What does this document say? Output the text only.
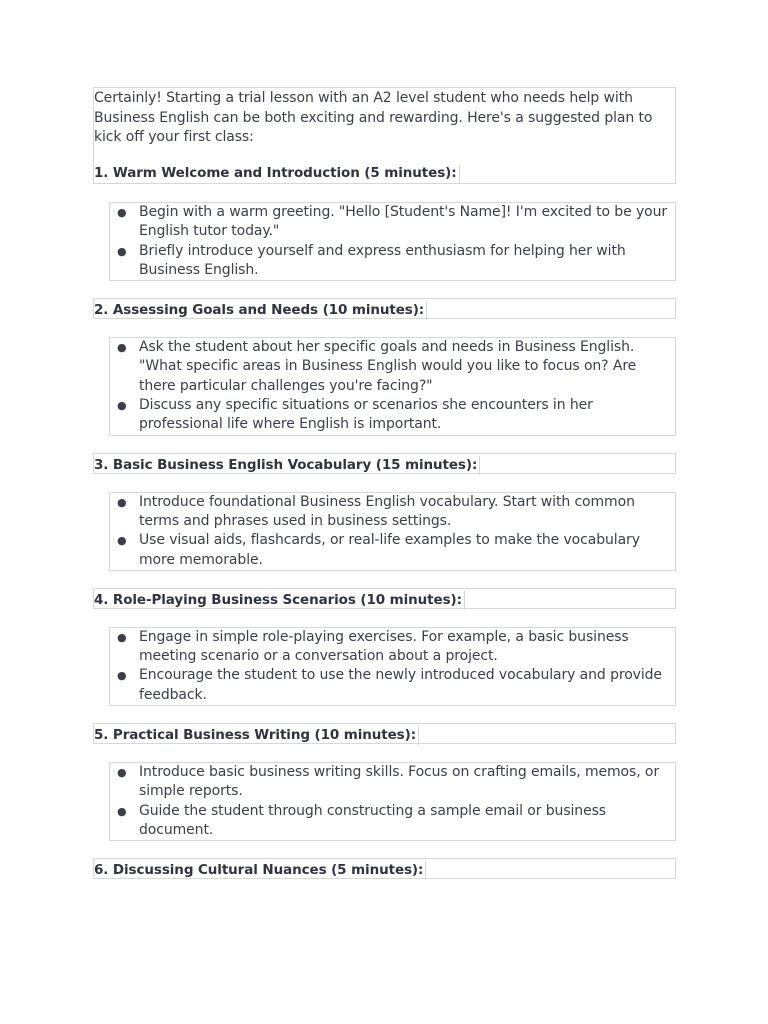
Certainly! Starting a trial lesson with an A2 level student who needs help with Business English can be both exciting and rewarding. Here's a suggested plan to kick off your first class:

1. Warm Welcome and Introduction (5 minutes):
● Begin with a warm greeting. "Hello [Student's Name]! I'm excited to be your English tutor today."
● Briefly introduce yourself and express enthusiasm for helping her with Business English.
2. Assessing Goals and Needs (10 minutes):
● Ask the student about her specific goals and needs in Business English. "What specific areas in Business English would you like to focus on? Are there particular challenges you're facing?"
● Discuss any specific situations or scenarios she encounters in her professional life where English is important.
3. Basic Business English Vocabulary (15 minutes):
● Introduce foundational Business English vocabulary. Start with common terms and phrases used in business settings.
● Use visual aids, flashcards, or real-life examples to make the vocabulary more memorable.
4. Role-Playing Business Scenarios (10 minutes):
● Engage in simple role-playing exercises. For example, a basic business meeting scenario or a conversation about a project.
● Encourage the student to use the newly introduced vocabulary and provide feedback.
5. Practical Business Writing (10 minutes):
● Introduce basic business writing skills. Focus on crafting emails, memos, or simple reports.
● Guide the student through constructing a sample email or business document.
6. Discussing Cultural Nuances (5 minutes):
